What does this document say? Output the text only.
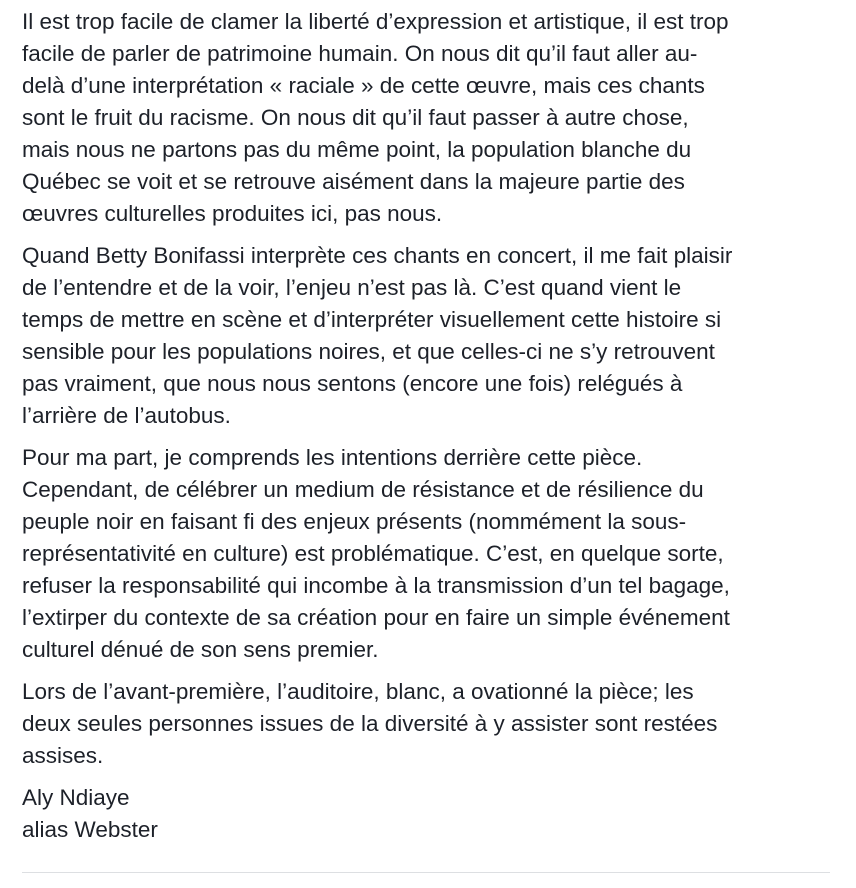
Il est trop facile de clamer la liberté d’expression et artistique, il est trop
facile de parler de patrimoine humain. On nous dit qu’il faut aller au-
delà d’une interprétation « raciale » de cette œuvre, mais ces chants
sont le fruit du racisme. On nous dit qu’il faut passer à autre chose,
mais nous ne partons pas du même point, la population blanche du
Québec se voit et se retrouve aisément dans la majeure partie des
œuvres culturelles produites ici, pas nous.

Quand Betty Bonifassi interprète ces chants en concert, il me fait plaisir
de l’entendre et de la voir, l’enjeu n’est pas là. C’est quand vient le
temps de mettre en scène et d’interpréter visuellement cette histoire si
sensible pour les populations noires, et que celles-ci ne s’y retrouvent
pas vraiment, que nous nous sentons (encore une fois) relégués à
l’arrière de l’autobus.

Pour ma part, je comprends les intentions derrière cette pièce.
Cependant, de célébrer un medium de résistance et de résilience du
peuple noir en faisant fi des enjeux présents (nommément la sous-
représentativité en culture) est problématique. C’est, en quelque sorte,
refuser la responsabilité qui incombe à la transmission d’un tel bagage,
l’extirper du contexte de sa création pour en faire un simple événement
culturel dénué de son sens premier.

Lors de l’avant-première, l’auditoire, blanc, a ovationné la pièce; les
deux seules personnes issues de la diversité à y assister sont restées
assises.

Aly Ndiaye
alias Webster
